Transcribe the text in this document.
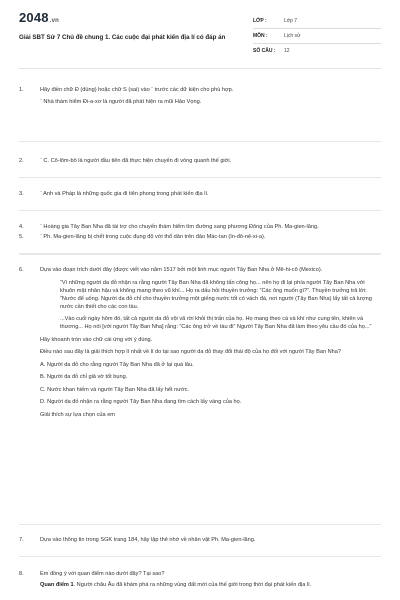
2048.vn
Giải SBT Sử 7 Chủ đề chung 1. Các cuộc đại phát kiến địa lí có đáp án
LỚP :	Lớp 7
MÔN :	Lịch sử
SỐ CÂU :	12
1.	Hãy điền chữ Đ (đúng) hoặc chữ S (sai) vào ¨ trước các dữ kiện cho phù hợp.

¨ Nhà thám hiểm Đi-a-xơ là người đã phát hiện ra mũi Hảo Vọng.

2.	¨ C. Cô-lôm-bô là người đầu tiên đã thực hiện chuyến đi vòng quanh thế giới.

3.	¨ Anh và Pháp là những quốc gia đi tiên phong trong phát kiến địa lí.

4.	¨ Hoàng gia Tây Ban Nha đã tài trợ cho chuyến thám hiểm tìm đường sang phương Đông của Ph. Ma-gien-lăng.

5.	¨ Ph. Ma-gien-lăng bị chết trong cuộc đụng độ với thổ dân trên đảo Mác-tan (In-đô-nê-xi-a).

6.	Dựa vào đoạn trích dưới đây (được viết vào năm 1517 bởi một linh mục người Tây Ban Nha ở Mê-hi-cô (Mexico).

“Vì những người da đỏ nhận ra rằng người Tây Ban Nha đã không tấn công họ... nên họ đi lại phía người Tây Ban Nha với khuôn mặt nhân hậu và không mang theo vũ khí... Họ ra dấu hỏi thuyền trưởng: “Các ông muốn gì?”. Thuyền trưởng trả lời: “Nước để uống. Người da đỏ chỉ cho thuyền trưởng một giếng nước tốt có vách đá, nơi người (Tây Ban Nha) lấy tất cả lượng nước cần thiết cho các con tàu.

...Vào cuối ngày hôm đó, tất cả người da đỏ vội vã rời khỏi thị trấn của họ. Họ mang theo cá và khí như cung tên, khiên và thương... Họ nói [với người Tây Ban Nha] rằng: “Các ông trở về tàu đi” Người Tây Ban Nha đã làm theo yêu cầu đó của họ...”

Hãy khoanh tròn vào chữ cái ứng với ý đúng.

Điều nào sau đây là giải thích hợp lí nhất về lí do tại sao người da đỏ thay đổi thái độ của họ đối với người Tây Ban Nha?

A. Người da đỏ cho rằng người Tây Ban Nha đã ở lại quá lâu.

B. Người da đỏ chỉ giả vờ tốt bụng.

C. Nước khan hiếm và người Tây Ban Nha đã lấy hết nước.

D. Người da đỏ nhận ra rằng người Tây Ban Nha đang tìm cách lấy vàng của họ.

Giải thích sự lựa chọn của em

7.	Dựa vào thông tin trong SGK trang 184, hãy lập thẻ nhớ về nhân vật Ph. Ma-gien-lăng.

8.	Em đồng ý với quan điểm nào dưới đây? Tại sao?

Quan điểm 1. Người châu Âu đã khám phá ra những vùng đất mới của thế giới trong thời đại phát kiến địa lí.
